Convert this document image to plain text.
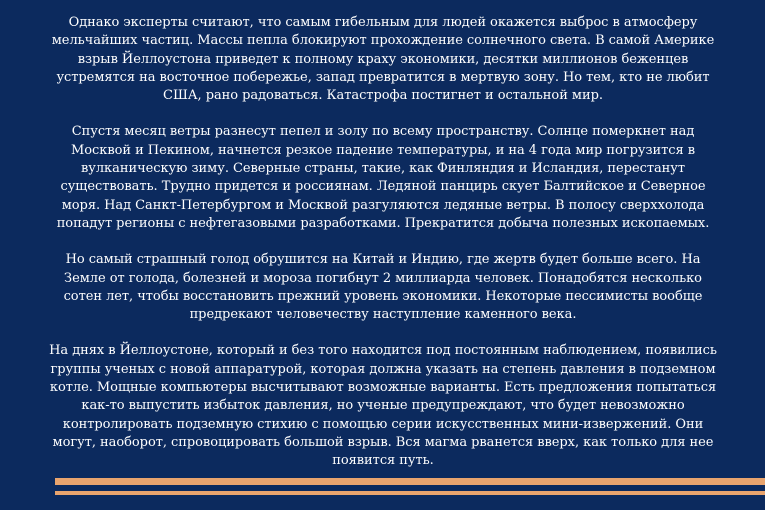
Однако эксперты считают, что самым гибельным для людей окажется выброс в атмосферу мельчайших частиц. Массы пепла блокируют прохождение солнечного света. В самой Америке взрыв Йеллоустона приведет к полному краху экономики, десятки миллионов беженцев устремятся на восточное побережье, запад превратится в мертвую зону. Но тем, кто не любит США, рано радоваться. Катастрофа постигнет и остальной мир.

Спустя месяц ветры разнесут пепел и золу по всему пространству. Солнце померкнет над Москвой и Пекином, начнется резкое падение температуры, и на 4 года мир погрузится в вулканическую зиму. Северные страны, такие, как Финляндия и Исландия, перестанут существовать. Трудно придется и россиянам. Ледяной панцирь скует Балтийское и Северное моря. Над Санкт-Петербургом и Москвой разгуляются ледяные ветры. В полосу сверххолода попадут регионы с нефтегазовыми разработками. Прекратится добыча полезных ископаемых.

Но самый страшный голод обрушится на Китай и Индию, где жертв будет больше всего. На Земле от голода, болезней и мороза погибнут 2 миллиарда человек. Понадобятся несколько сотен лет, чтобы восстановить прежний уровень экономики. Некоторые пессимисты вообще предрекают человечеству наступление каменного века.

На днях в Йеллоустоне, который и без того находится под постоянным наблюдением, появились группы ученых с новой аппаратурой, которая должна указать на степень давления в подземном котле. Мощные компьютеры высчитывают возможные варианты. Есть предложения попытаться как-то выпустить избыток давления, но ученые предупреждают, что будет невозможно контролировать подземную стихию с помощью серии искусственных мини-извержений. Они могут, наоборот, спровоцировать большой взрыв. Вся магма рванется вверх, как только для нее появится путь.
